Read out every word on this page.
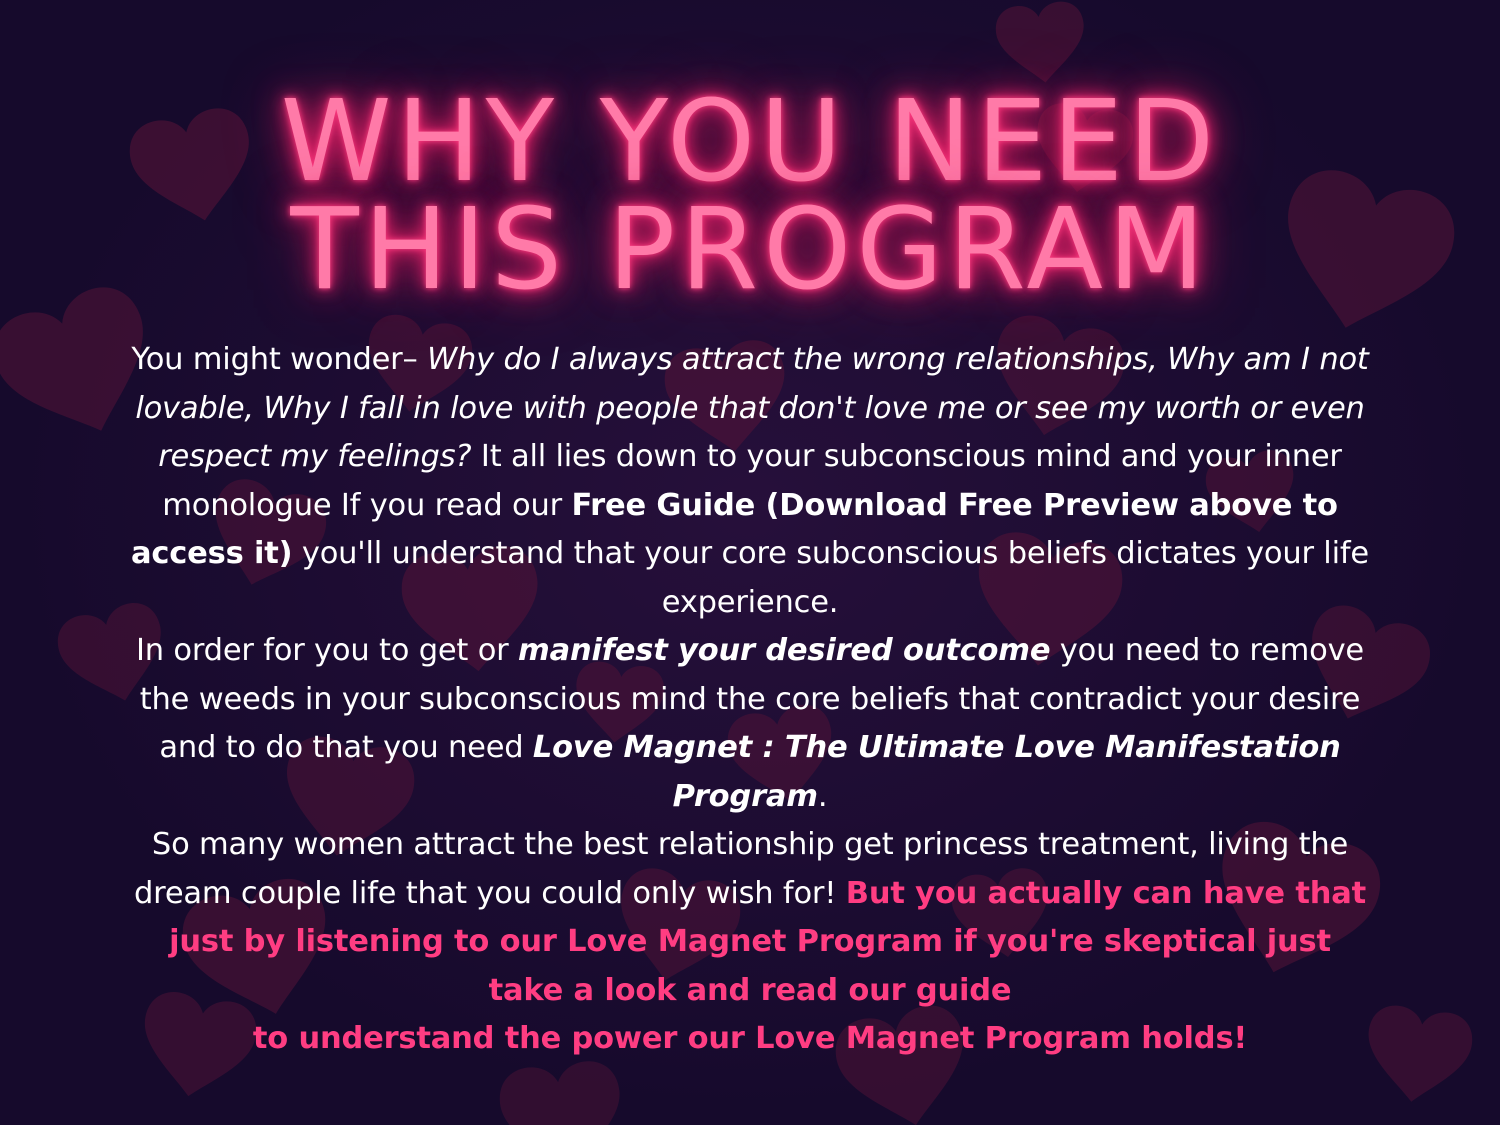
WHY YOU NEED
THIS PROGRAM

You might wonder– Why do I always attract the wrong relationships, Why am I not lovable, Why I fall in love with people that don't love me or see my worth or even respect my feelings? It all lies down to your subconscious mind and your inner monologue If you read our Free Guide (Download Free Preview above to access it) you'll understand that your core subconscious beliefs dictates your life experience.

In order for you to get or manifest your desired outcome you need to remove the weeds in your subconscious mind the core beliefs that contradict your desire and to do that you need Love Magnet : The Ultimate Love Manifestation Program.

So many women attract the best relationship get princess treatment, living the dream couple life that you could only wish for! But you actually can have that just by listening to our Love Magnet Program if you're skeptical just take a look and read our guide
to understand the power our Love Magnet Program holds!
